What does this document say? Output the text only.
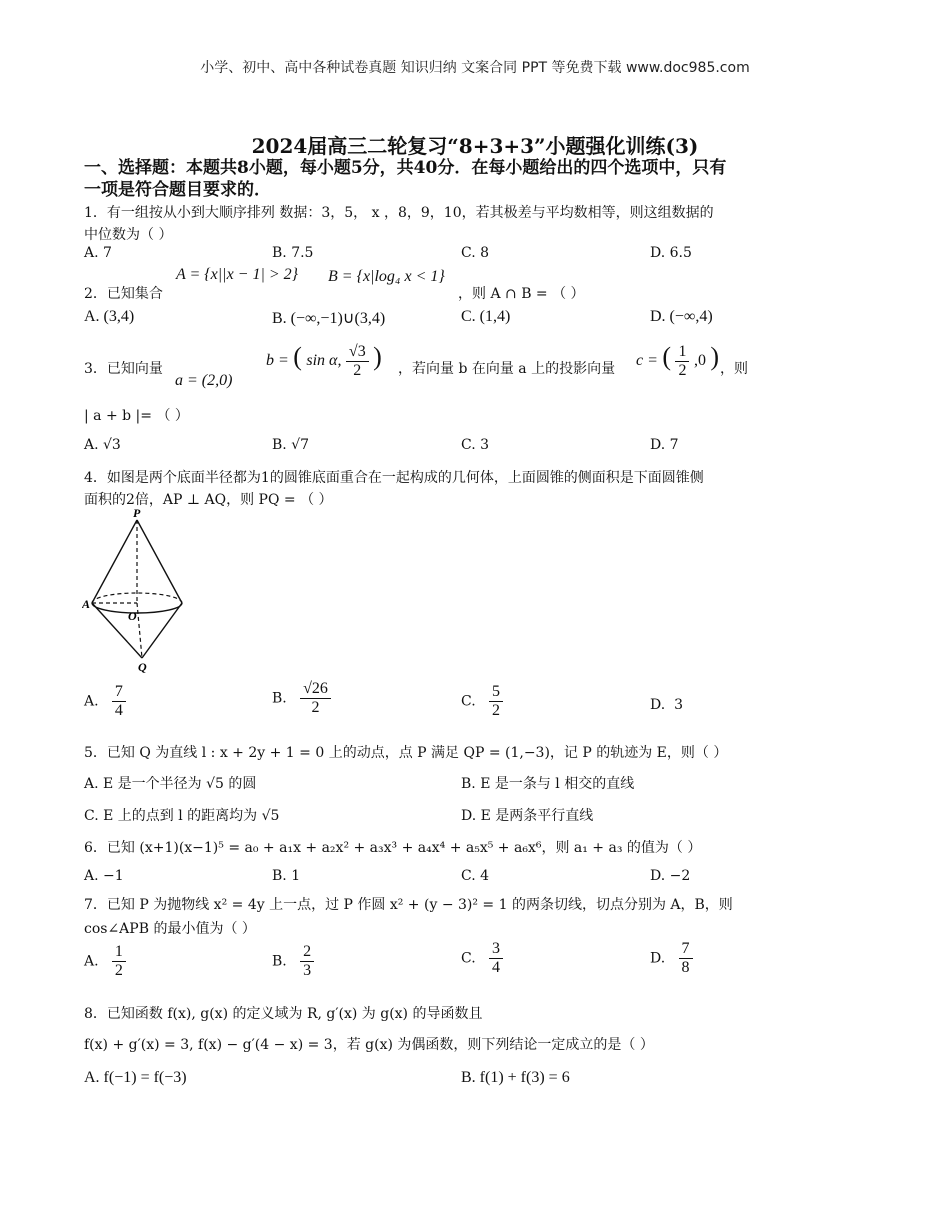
小学、初中、高中各种试卷真题 知识归纳 文案合同 PPT 等免费下载 www.doc985.com
2024届高三二轮复习“8+3+3”小题强化训练(3)
一、选择题：本题共8小题，每小题5分，共40分．在每小题给出的四个选项中，只有
一项是符合题目要求的．
1．有一组按从小到大顺序排列 数据：3，5， x ，8，9，10，若其极差与平均数相等，则这组数据的
中位数为（ ）
A. 7	B. 7.5	C. 8	D. 6.5
2．已知集合
A = {x||x − 1| > 2} B = {x|log₄ x < 1}
，则 A ∩ B = （ ）
A. (3,4)	B. (−∞,−1)∪(3,4)	C. (1,4)	D. (−∞,4)
3．已知向量
a = (2,0)
b = ( sin α, $\frac{√3}{2}$ ) ，若向量 b 在向量 a 上的投影向量 c = ( $\frac{1}{2} ,0$ ) ，则
| a + b |= （ ）
A. √3	B. √7	C. 3	D. 7
4．如图是两个底面半径都为1的圆锥底面重合在一起构成的几何体，上面圆锥的侧面积是下面圆锥侧
面积的2倍，AP ⊥ AQ，则 PQ = （ ）
P
A
O
Q
A. $\frac{7}{4}$	B. $\frac{√26}{2}$	C. $\frac{5}{2}$	D. 3
5．已知 Q 为直线 l : x + 2y + 1 = 0 上的动点，点 P 满足 QP = (1,−3)，记 P 的轨迹为 E，则（ ）
A. E 是一个半径为 √5 的圆	B. E 是一条与 l 相交的直线
C. E 上的点到 l 的距离均为 √5	D. E 是两条平行直线
6．已知 (x+1)(x−1)⁵ = a₀ + a₁x + a₂x² + a₃x³ + a₄x⁴ + a₅x⁵ + a₆x⁶，则 a₁ + a₃ 的值为（ ）
A. −1	B. 1	C. 4	D. −2
7．已知 P 为抛物线 x² = 4y 上一点，过 P 作圆 x² + (y − 3)² = 1 的两条切线，切点分别为 A，B，则
cos∠APB 的最小值为（ ）
A. $\frac{1}{2}$	B. $\frac{2}{3}$	C. $\frac{3}{4}$	D. $\frac{7}{8}$
8．已知函数 f(x), g(x) 的定义域为 R, g′(x) 为 g(x) 的导函数且
f(x) + g′(x) = 3, f(x) − g′(4 − x) = 3，若 g(x) 为偶函数，则下列结论一定成立的是（ ）
A. f(−1) = f(−3)	B. f(1) + f(3) = 6
